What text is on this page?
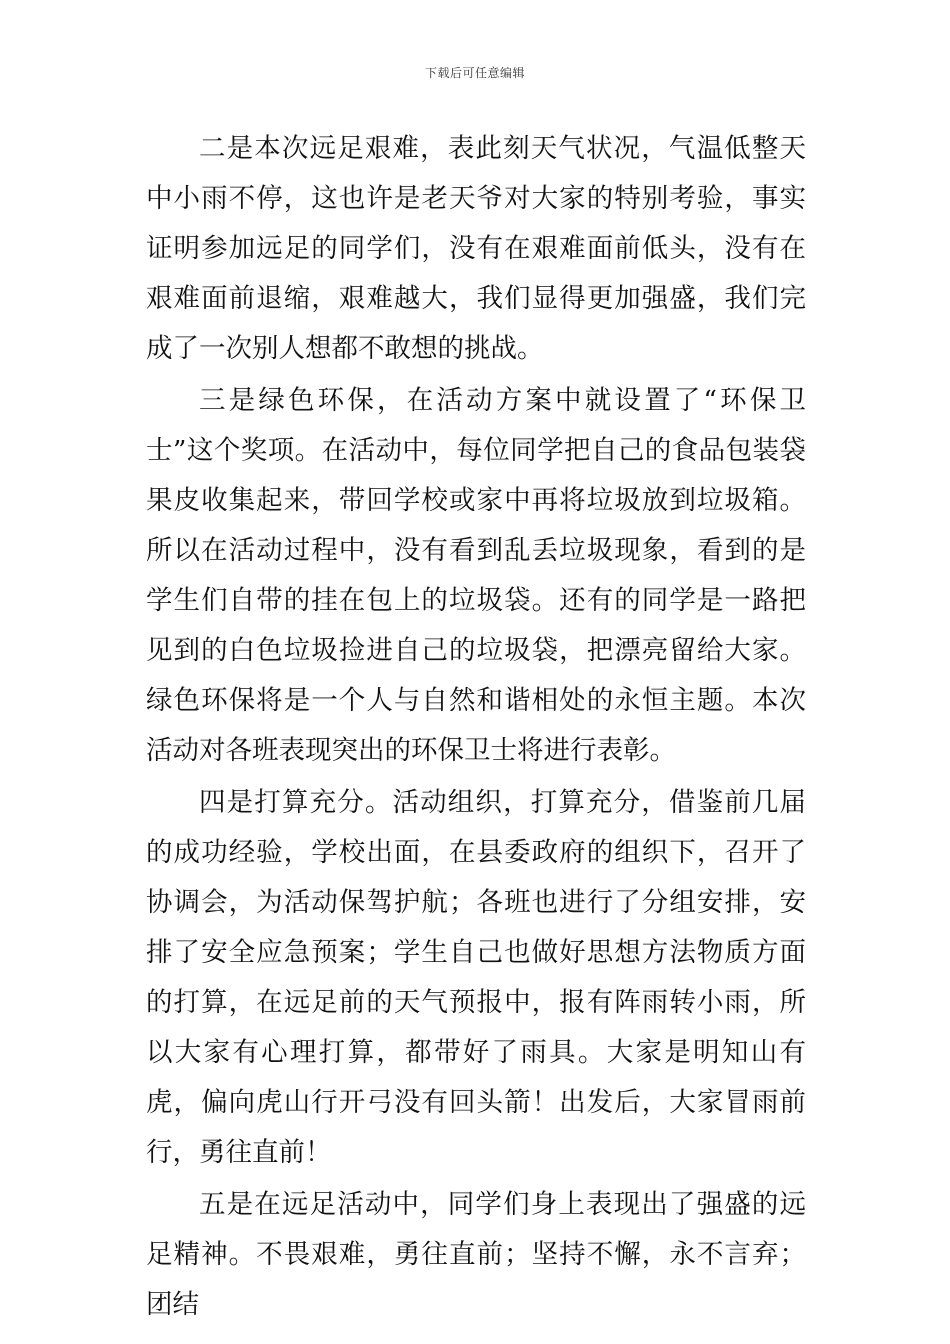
下载后可任意编辑

二是本次远足艰难，表此刻天气状况，气温低整天中小雨不停，这也许是老天爷对大家的特别考验，事实证明参加远足的同学们，没有在艰难面前低头，没有在艰难面前退缩，艰难越大，我们显得更加强盛，我们完成了一次别人想都不敢想的挑战。

三是绿色环保，在活动方案中就设置了“环保卫士”这个奖项。在活动中，每位同学把自己的食品包装袋果皮收集起来，带回学校或家中再将垃圾放到垃圾箱。所以在活动过程中，没有看到乱丢垃圾现象，看到的是学生们自带的挂在包上的垃圾袋。还有的同学是一路把见到的白色垃圾捡进自己的垃圾袋，把漂亮留给大家。绿色环保将是一个人与自然和谐相处的永恒主题。本次活动对各班表现突出的环保卫士将进行表彰。

四是打算充分。活动组织，打算充分，借鉴前几届的成功经验，学校出面，在县委政府的组织下，召开了协调会，为活动保驾护航；各班也进行了分组安排，安排了安全应急预案；学生自己也做好思想方法物质方面的打算，在远足前的天气预报中，报有阵雨转小雨，所以大家有心理打算，都带好了雨具。大家是明知山有虎，偏向虎山行开弓没有回头箭！出发后，大家冒雨前行，勇往直前！

五是在远足活动中，同学们身上表现出了强盛的远足精神。不畏艰难，勇往直前；坚持不懈，永不言弃；团结
